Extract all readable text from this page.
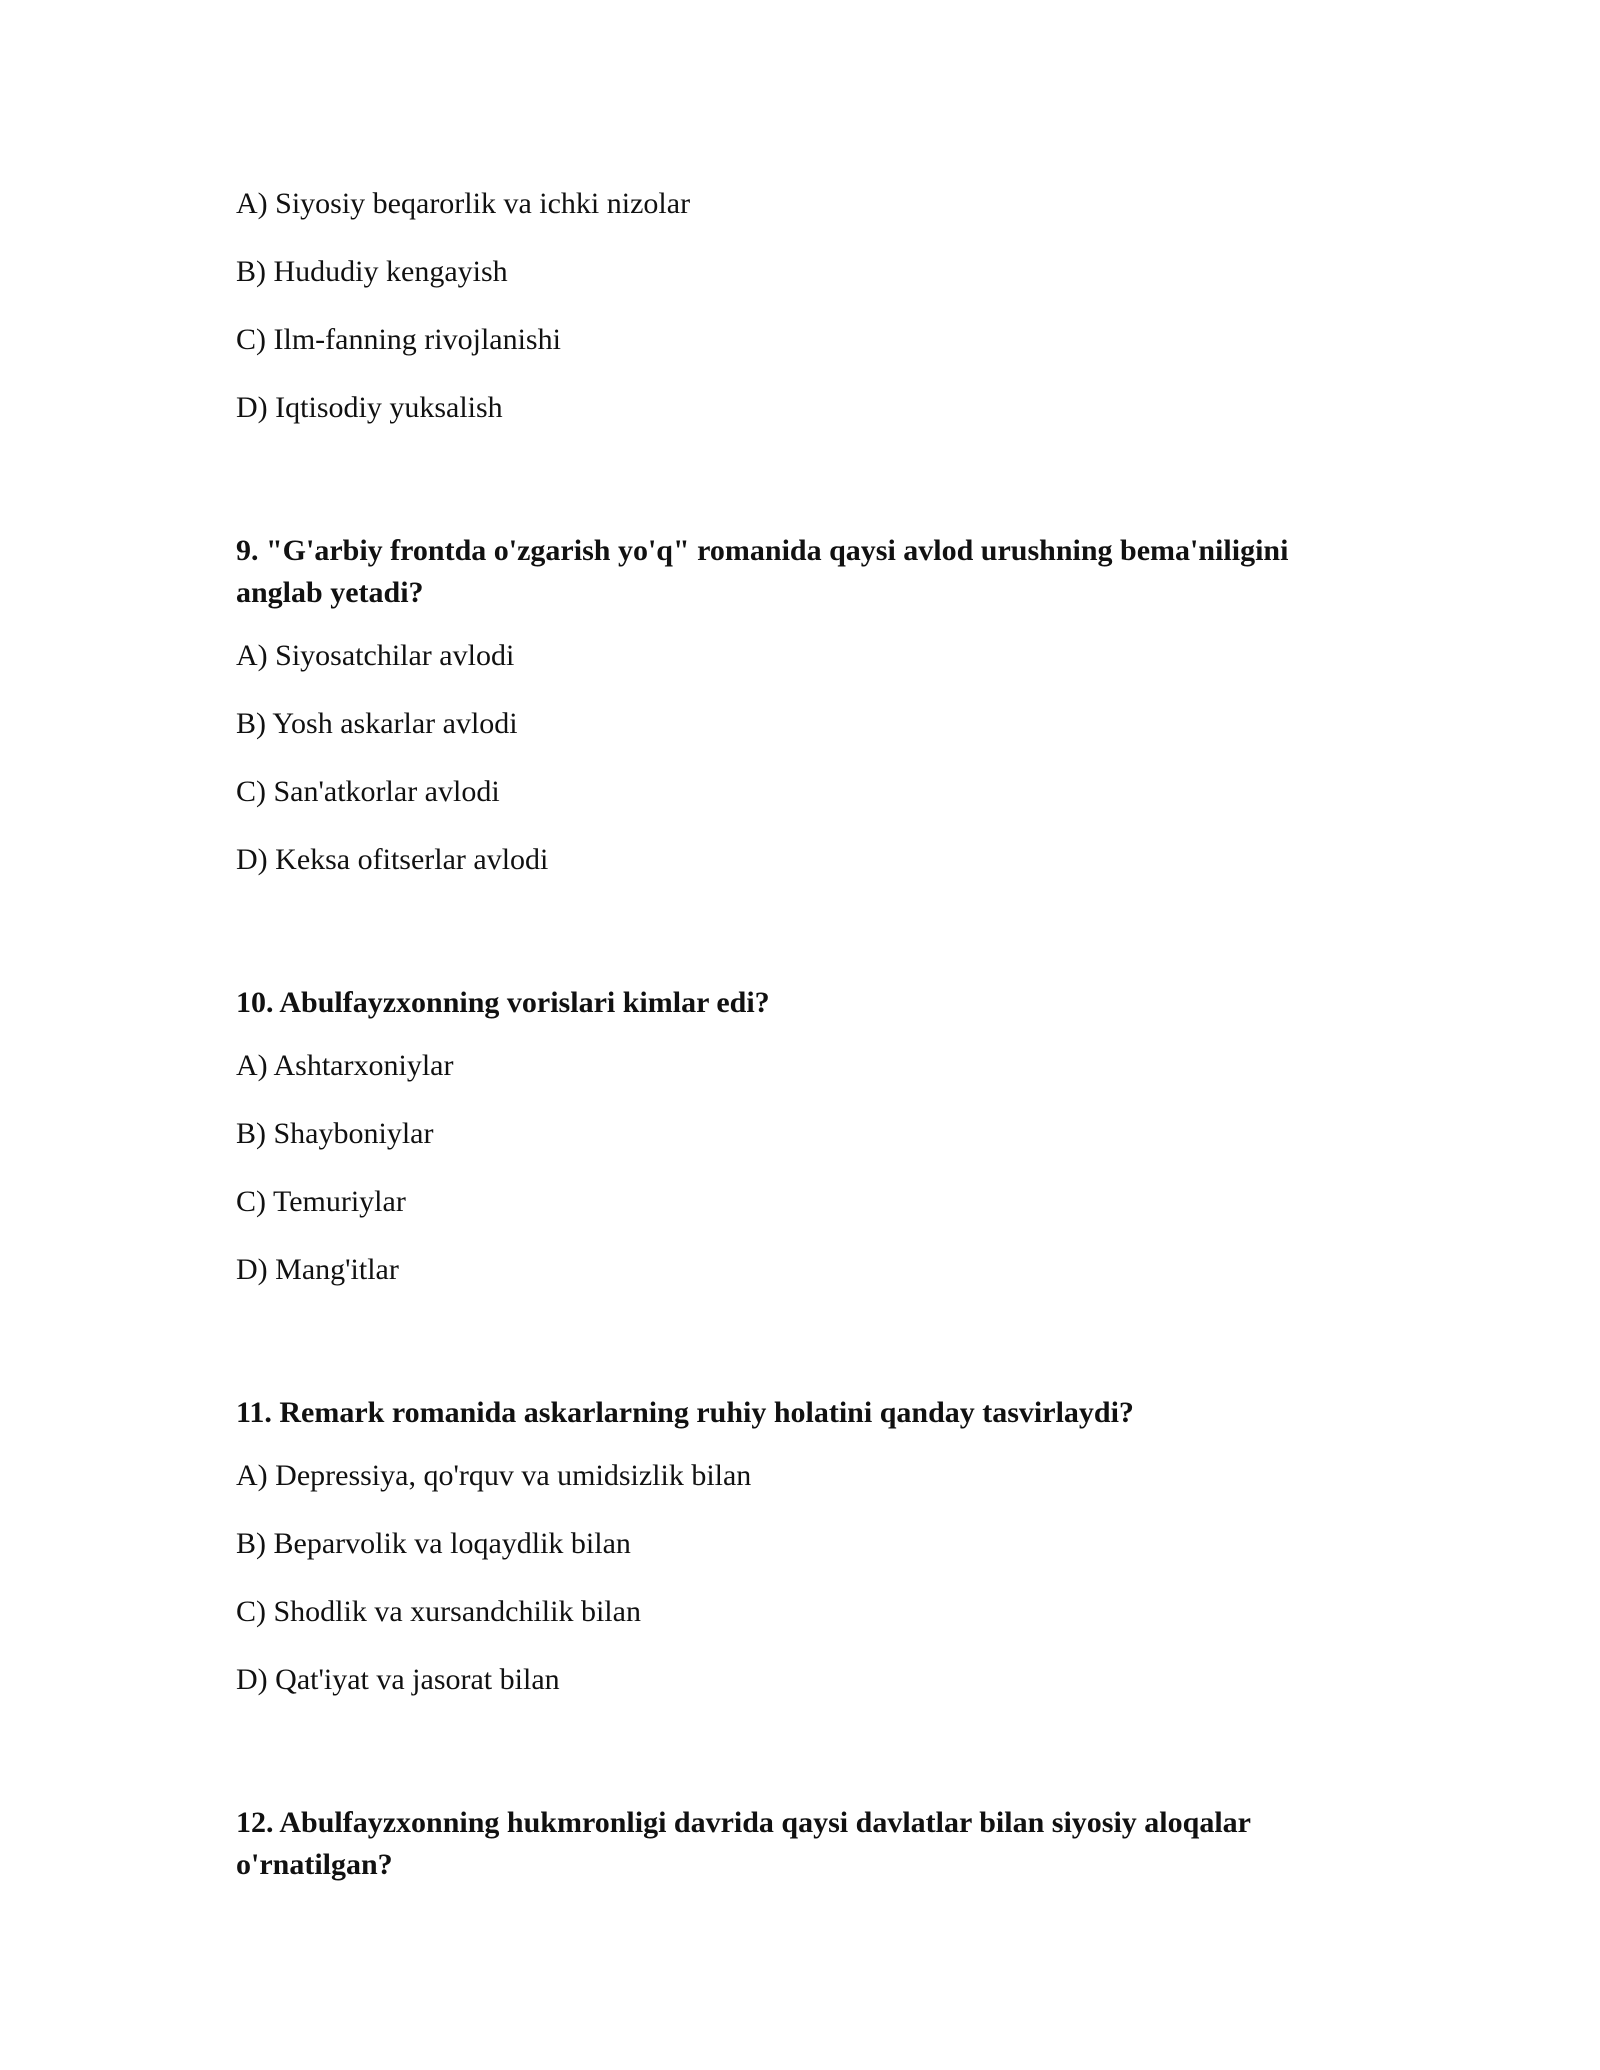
A) Siyosiy beqarorlik va ichki nizolar
B) Hududiy kengayish
C) Ilm-fanning rivojlanishi
D) Iqtisodiy yuksalish
9. "G'arbiy frontda o'zgarish yo'q" romanida qaysi avlod urushning bema'niligini anglab yetadi?
A) Siyosatchilar avlodi
B) Yosh askarlar avlodi
C) San'atkorlar avlodi
D) Keksa ofitserlar avlodi
10. Abulfayzxonning vorislari kimlar edi?
A) Ashtarxoniylar
B) Shayboniylar
C) Temuriylar
D) Mang'itlar
11. Remark romanida askarlarning ruhiy holatini qanday tasvirlaydi?
A) Depressiya, qo'rquv va umidsizlik bilan
B) Beparvolik va loqaydlik bilan
C) Shodlik va xursandchilik bilan
D) Qat'iyat va jasorat bilan
12. Abulfayzxonning hukmronligi davrida qaysi davlatlar bilan siyosiy aloqalar o'rnatilgan?
